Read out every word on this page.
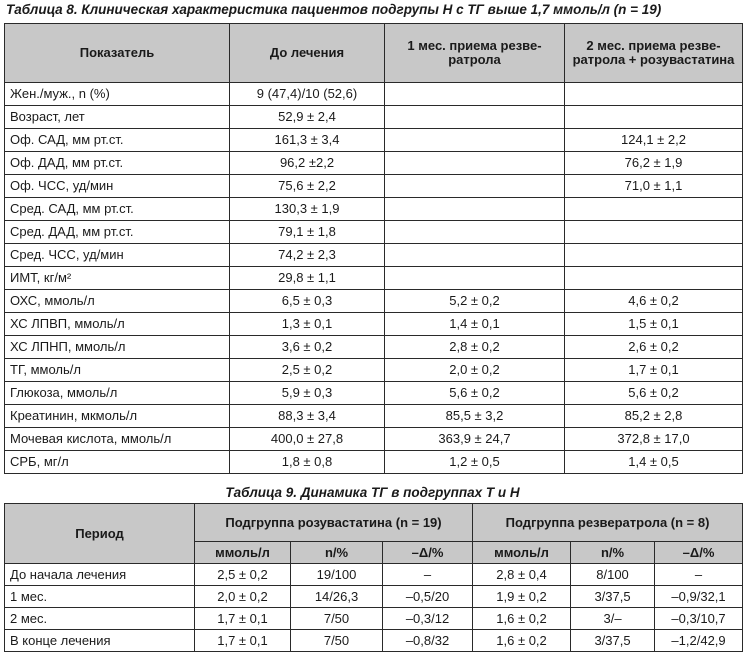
Таблица 8. Клиническая характеристика пациентов подгрупы Н с ТГ выше 1,7 ммоль/л (n = 19)
Показатель	До лечения	1 мес. приема резвератрола	2 мес. приема резвератрола + розувастатина
Жен./муж., n (%)	9 (47,4)/10 (52,6)		
Возраст, лет	52,9 ± 2,4		
Оф. САД, мм рт.ст.	161,3 ± 3,4		124,1 ± 2,2
Оф. ДАД, мм рт.ст.	96,2 ±2,2		76,2 ± 1,9
Оф. ЧСС, уд/мин	75,6 ± 2,2		71,0 ± 1,1
Сред. САД, мм рт.ст.	130,3 ± 1,9		
Сред. ДАД, мм рт.ст.	79,1 ± 1,8		
Сред. ЧСС, уд/мин	74,2 ± 2,3		
ИМТ, кг/м²	29,8 ± 1,1		
ОХС, ммоль/л	6,5 ± 0,3	5,2 ± 0,2	4,6 ± 0,2
ХС ЛПВП, ммоль/л	1,3 ± 0,1	1,4 ± 0,1	1,5 ± 0,1
ХС ЛПНП, ммоль/л	3,6 ± 0,2	2,8 ± 0,2	2,6 ± 0,2
ТГ, ммоль/л	2,5 ± 0,2	2,0 ± 0,2	1,7 ± 0,1
Глюкоза, ммоль/л	5,9 ± 0,3	5,6 ± 0,2	5,6 ± 0,2
Креатинин, мкмоль/л	88,3 ± 3,4	85,5 ± 3,2	85,2 ± 2,8
Мочевая кислота, ммоль/л	400,0 ± 27,8	363,9 ± 24,7	372,8 ± 17,0
СРБ, мг/л	1,8 ± 0,8	1,2 ± 0,5	1,4 ± 0,5
Таблица 9. Динамика ТГ в подгруппах Т и Н
Период	Подгруппа розувастатина (n = 19)			Подгруппа резвератрола (n = 8)		
	ммоль/л	n/%	–Δ/%	ммоль/л	n/%	–Δ/%
До начала лечения	2,5 ± 0,2	19/100	–	2,8 ± 0,4	8/100	–
1 мес.	2,0 ± 0,2	14/26,3	–0,5/20	1,9 ± 0,2	3/37,5	–0,9/32,1
2 мес.	1,7 ± 0,1	7/50	–0,3/12	1,6 ± 0,2	3/–	–0,3/10,7
В конце лечения	1,7 ± 0,1	7/50	–0,8/32	1,6 ± 0,2	3/37,5	–1,2/42,9
